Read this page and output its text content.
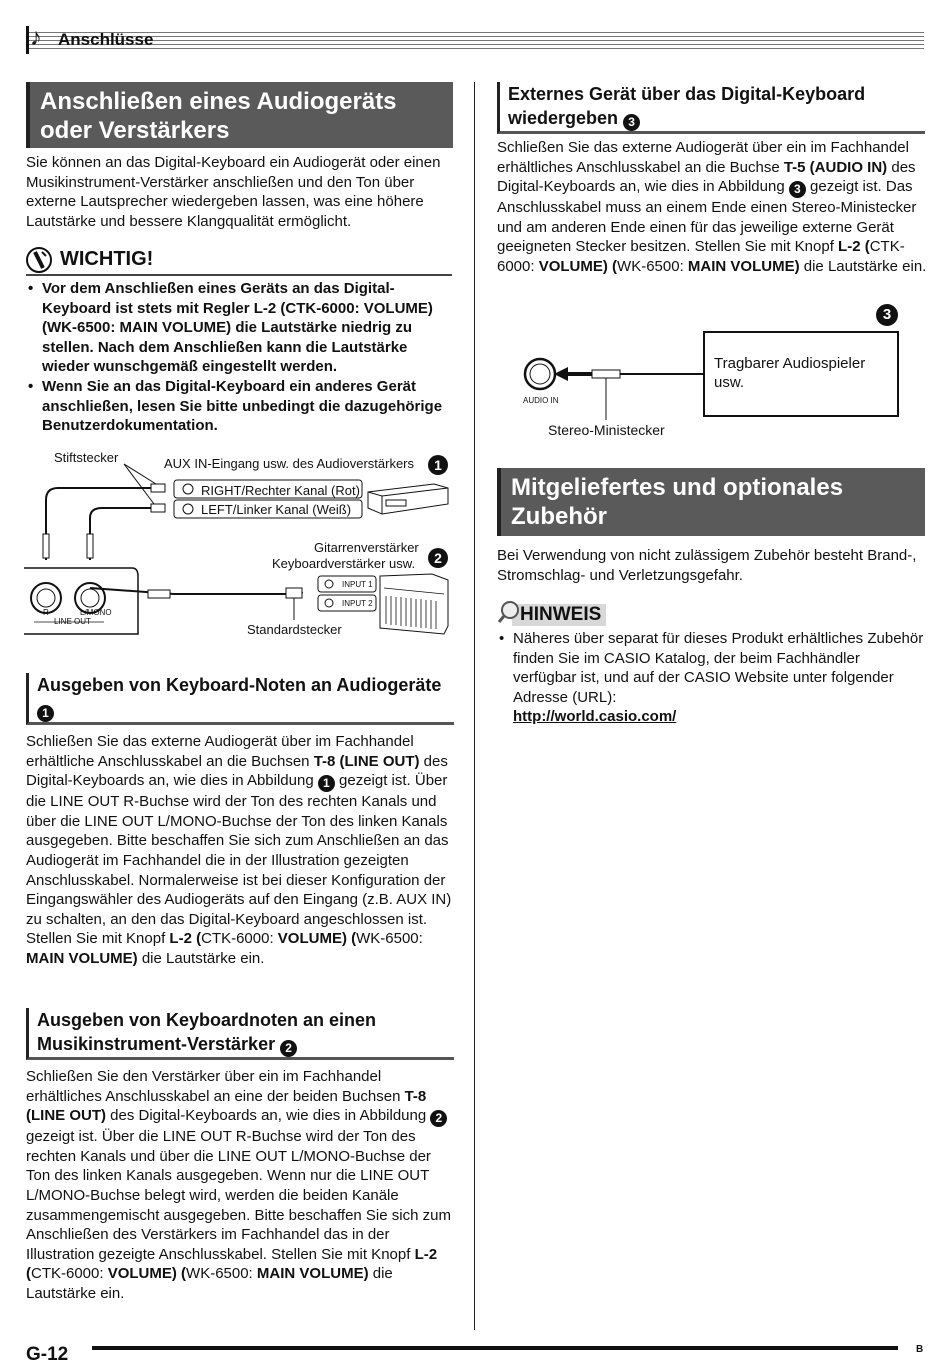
♪ Anschlüsse
Anschließen eines Audiogeräts oder Verstärkers
Sie können an das Digital-Keyboard ein Audiogerät oder einen Musikinstrument-Verstärker anschließen und den Ton über externe Lautsprecher wiedergeben lassen, was eine höhere Lautstärke und bessere Klangqualität ermöglicht.
WICHTIG!
• Vor dem Anschließen eines Geräts an das Digital-Keyboard ist stets mit Regler L-2 (CTK-6000: VOLUME) (WK-6500: MAIN VOLUME) die Lautstärke niedrig zu stellen. Nach dem Anschließen kann die Lautstärke wieder wunschgemäß eingestellt werden.
• Wenn Sie an das Digital-Keyboard ein anderes Gerät anschließen, lesen Sie bitte unbedingt die dazugehörige Benutzerdokumentation.
Stiftstecker	AUX IN-Eingang usw. des Audioverstärkers	1
RIGHT/Rechter Kanal (Rot)
LEFT/Linker Kanal (Weiß)
Gitarrenverstärker
Keyboardverstärker usw.	2
INPUT 1
INPUT 2
Standardstecker
R	L/MONO
LINE OUT
Ausgeben von Keyboard-Noten an Audiogeräte 1
Schließen Sie das externe Audiogerät über im Fachhandel erhältliche Anschlusskabel an die Buchsen T-8 (LINE OUT) des Digital-Keyboards an, wie dies in Abbildung 1 gezeigt ist. Über die LINE OUT R-Buchse wird der Ton des rechten Kanals und über die LINE OUT L/MONO-Buchse der Ton des linken Kanals ausgegeben. Bitte beschaffen Sie sich zum Anschließen an das Audiogerät im Fachhandel die in der Illustration gezeigten Anschlusskabel. Normalerweise ist bei dieser Konfiguration der Eingangswähler des Audiogeräts auf den Eingang (z.B. AUX IN) zu schalten, an den das Digital-Keyboard angeschlossen ist. Stellen Sie mit Knopf L-2 (CTK-6000: VOLUME) (WK-6500: MAIN VOLUME) die Lautstärke ein.
Ausgeben von Keyboardnoten an einen Musikinstrument-Verstärker 2
Schließen Sie den Verstärker über ein im Fachhandel erhältliches Anschlusskabel an eine der beiden Buchsen T-8 (LINE OUT) des Digital-Keyboards an, wie dies in Abbildung 2 gezeigt ist. Über die LINE OUT R-Buchse wird der Ton des rechten Kanals und über die LINE OUT L/MONO-Buchse der Ton des linken Kanals ausgegeben. Wenn nur die LINE OUT L/MONO-Buchse belegt wird, werden die beiden Kanäle zusammengemischt ausgegeben. Bitte beschaffen Sie sich zum Anschließen des Verstärkers im Fachhandel das in der Illustration gezeigte Anschlusskabel. Stellen Sie mit Knopf L-2 (CTK-6000: VOLUME) (WK-6500: MAIN VOLUME) die Lautstärke ein.
Externes Gerät über das Digital-Keyboard wiedergeben 3
Schließen Sie das externe Audiogerät über ein im Fachhandel erhältliches Anschlusskabel an die Buchse T-5 (AUDIO IN) des Digital-Keyboards an, wie dies in Abbildung 3 gezeigt ist. Das Anschlusskabel muss an einem Ende einen Stereo-Ministecker und am anderen Ende einen für das jeweilige externe Gerät geeigneten Stecker besitzen. Stellen Sie mit Knopf L-2 (CTK-6000: VOLUME) (WK-6500: MAIN VOLUME) die Lautstärke ein.
3
Tragbarer Audiospieler usw.
AUDIO IN
Stereo-Ministecker
Mitgeliefertes und optionales Zubehör
Bei Verwendung von nicht zulässigem Zubehör besteht Brand-, Stromschlag- und Verletzungsgefahr.
HINWEIS
• Näheres über separat für dieses Produkt erhältliches Zubehör finden Sie im CASIO Katalog, der beim Fachhändler verfügbar ist, und auf der CASIO Website unter folgender Adresse (URL):
http://world.casio.com/
G-12	B
